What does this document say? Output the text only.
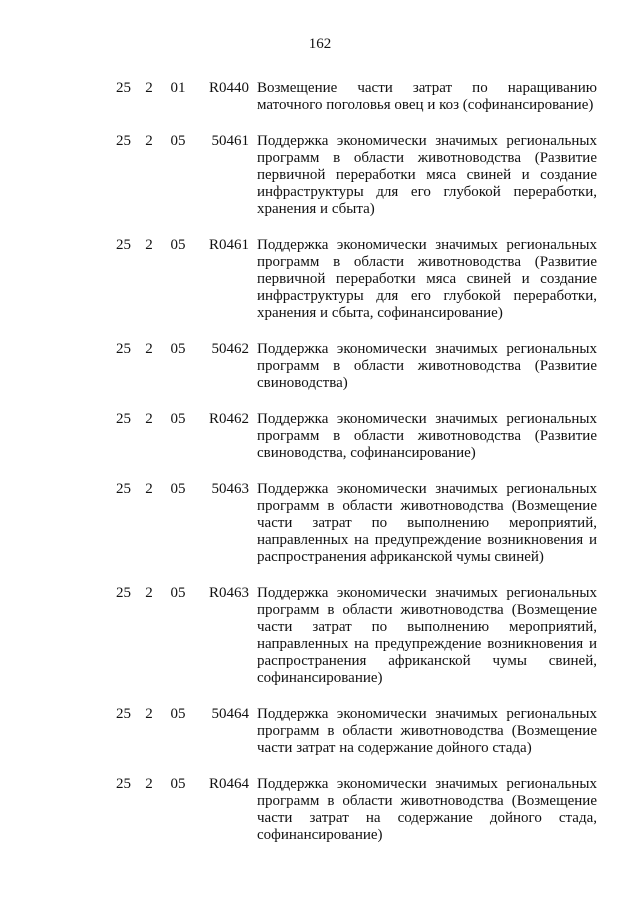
162
25 2 01	R0440 Возмещение части затрат по наращиванию маточного поголовья овец и коз (софинансирование)
25 2 05	50461 Поддержка экономически значимых региональных программ в области животноводства (Развитие первичной переработки мяса свиней и создание инфраструктуры для его глубокой переработки, хранения и сбыта)
25 2 05	R0461 Поддержка экономически значимых региональных программ в области животноводства (Развитие первичной переработки мяса свиней и создание инфраструктуры для его глубокой переработки, хранения и сбыта, софинансирование)
25 2 05	50462 Поддержка экономически значимых региональных программ в области животноводства (Развитие свиноводства)
25 2 05	R0462 Поддержка экономически значимых региональных программ в области животноводства (Развитие свиноводства, софинансирование)
25 2 05	50463 Поддержка экономически значимых региональных программ в области животноводства (Возмещение части затрат по выполнению мероприятий, направленных на предупреждение возникновения и распространения африканской чумы свиней)
25 2 05	R0463 Поддержка экономически значимых региональных программ в области животноводства (Возмещение части затрат по выполнению мероприятий, направленных на предупреждение возникновения и распространения африканской чумы свиней, софинансирование)
25 2 05	50464 Поддержка экономически значимых региональных программ в области животноводства (Возмещение части затрат на содержание дойного стада)
25 2 05	R0464 Поддержка экономически значимых региональных программ в области животноводства (Возмещение части затрат на содержание дойного стада, софинансирование)
